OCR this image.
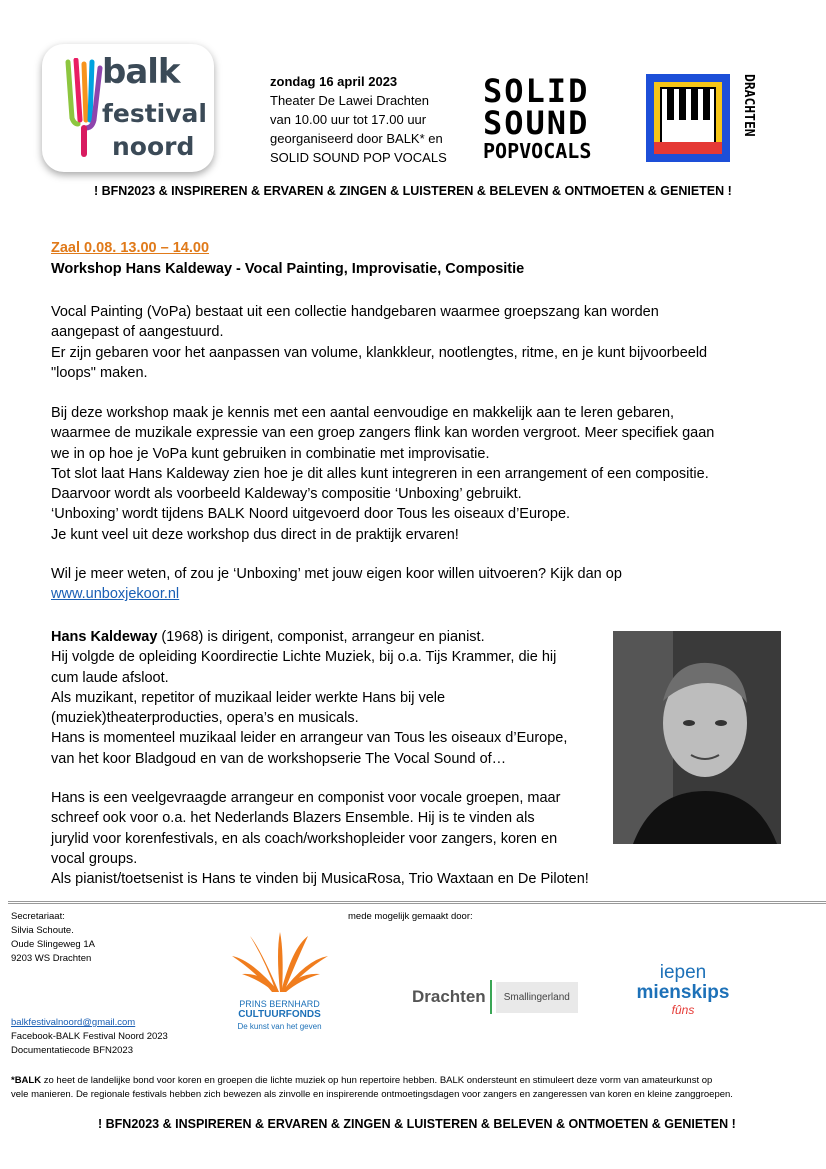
balk
festival
noord
zondag 16 april 2023
Theater De Lawei Drachten
van 10.00 uur tot 17.00 uur
georganiseerd door BALK* en
SOLID SOUND POP VOCALS
SOLID
SOUND
POPVOCALS
DRACHTEN
! BFN2023 & INSPIREREN & ERVAREN & ZINGEN & LUISTEREN & BELEVEN & ONTMOETEN & GENIETEN !
Zaal 0.08. 13.00 – 14.00
Workshop Hans Kaldeway - Vocal Painting, Improvisatie, Compositie

Vocal Painting (VoPa) bestaat uit een collectie handgebaren waarmee groepszang kan worden

aangepast of aangestuurd.

Er zijn gebaren voor het aanpassen van volume, klankkleur, nootlengtes, ritme, en je kunt bijvoorbeeld

"loops" maken.

Bij deze workshop maak je kennis met een aantal eenvoudige en makkelijk aan te leren gebaren,

waarmee de muzikale expressie van een groep zangers flink kan worden vergroot. Meer specifiek gaan

we in op hoe je VoPa kunt gebruiken in combinatie met improvisatie.

Tot slot laat Hans Kaldeway zien hoe je dit alles kunt integreren in een arrangement of een compositie.

Daarvoor wordt als voorbeeld Kaldeway’s compositie ‘Unboxing’ gebruikt.

‘Unboxing’ wordt tijdens BALK Noord uitgevoerd door Tous les oiseaux d’Europe.

Je kunt veel uit deze workshop dus direct in de praktijk ervaren!

Wil je meer weten, of zou je ‘Unboxing’ met jouw eigen koor willen uitvoeren? Kijk dan op

www.unboxjekoor.nl

Hans Kaldeway (1968) is dirigent, componist, arrangeur en pianist.

Hij volgde de opleiding Koordirectie Lichte Muziek, bij o.a. Tijs Krammer, die hij

cum laude afsloot.

Als muzikant, repetitor of muzikaal leider werkte Hans bij vele

(muziek)theaterproducties, opera’s en musicals.

Hans is momenteel muzikaal leider en arrangeur van Tous les oiseaux d’Europe,

van het koor Bladgoud en van de workshopserie The Vocal Sound of…

Hans is een veelgevraagde arrangeur en componist voor vocale groepen, maar

schreef ook voor o.a. het Nederlands Blazers Ensemble. Hij is te vinden als

jurylid voor korenfestivals, en als coach/workshopleider voor zangers, koren en

vocal groups.

Als pianist/toetsenist is Hans te vinden bij MusicaRosa, Trio Waxtaan en De Piloten!

Secretariaat:
Silvia Schoute.
Oude Slingeweg 1A
9203 WS Drachten
balkfestivalnoord@gmail.com
Facebook-BALK Festival Noord 2023
Documentatiecode BFN2023
mede mogelijk gemaakt door:
PRINS BERNHARD
CULTUURFONDS
De kunst van het geven
Drachten	Smallingerland
iepen
mienskips
fûns
*BALK zo heet de landelijke bond voor koren en groepen die lichte muziek op hun repertoire hebben. BALK ondersteunt en stimuleert deze vorm van amateurkunst op
vele manieren. De regionale festivals hebben zich bewezen als zinvolle en inspirerende ontmoetingsdagen voor zangers en zangeressen van koren en kleine zanggroepen.
! BFN2023 & INSPIREREN & ERVAREN & ZINGEN & LUISTEREN & BELEVEN & ONTMOETEN & GENIETEN !
